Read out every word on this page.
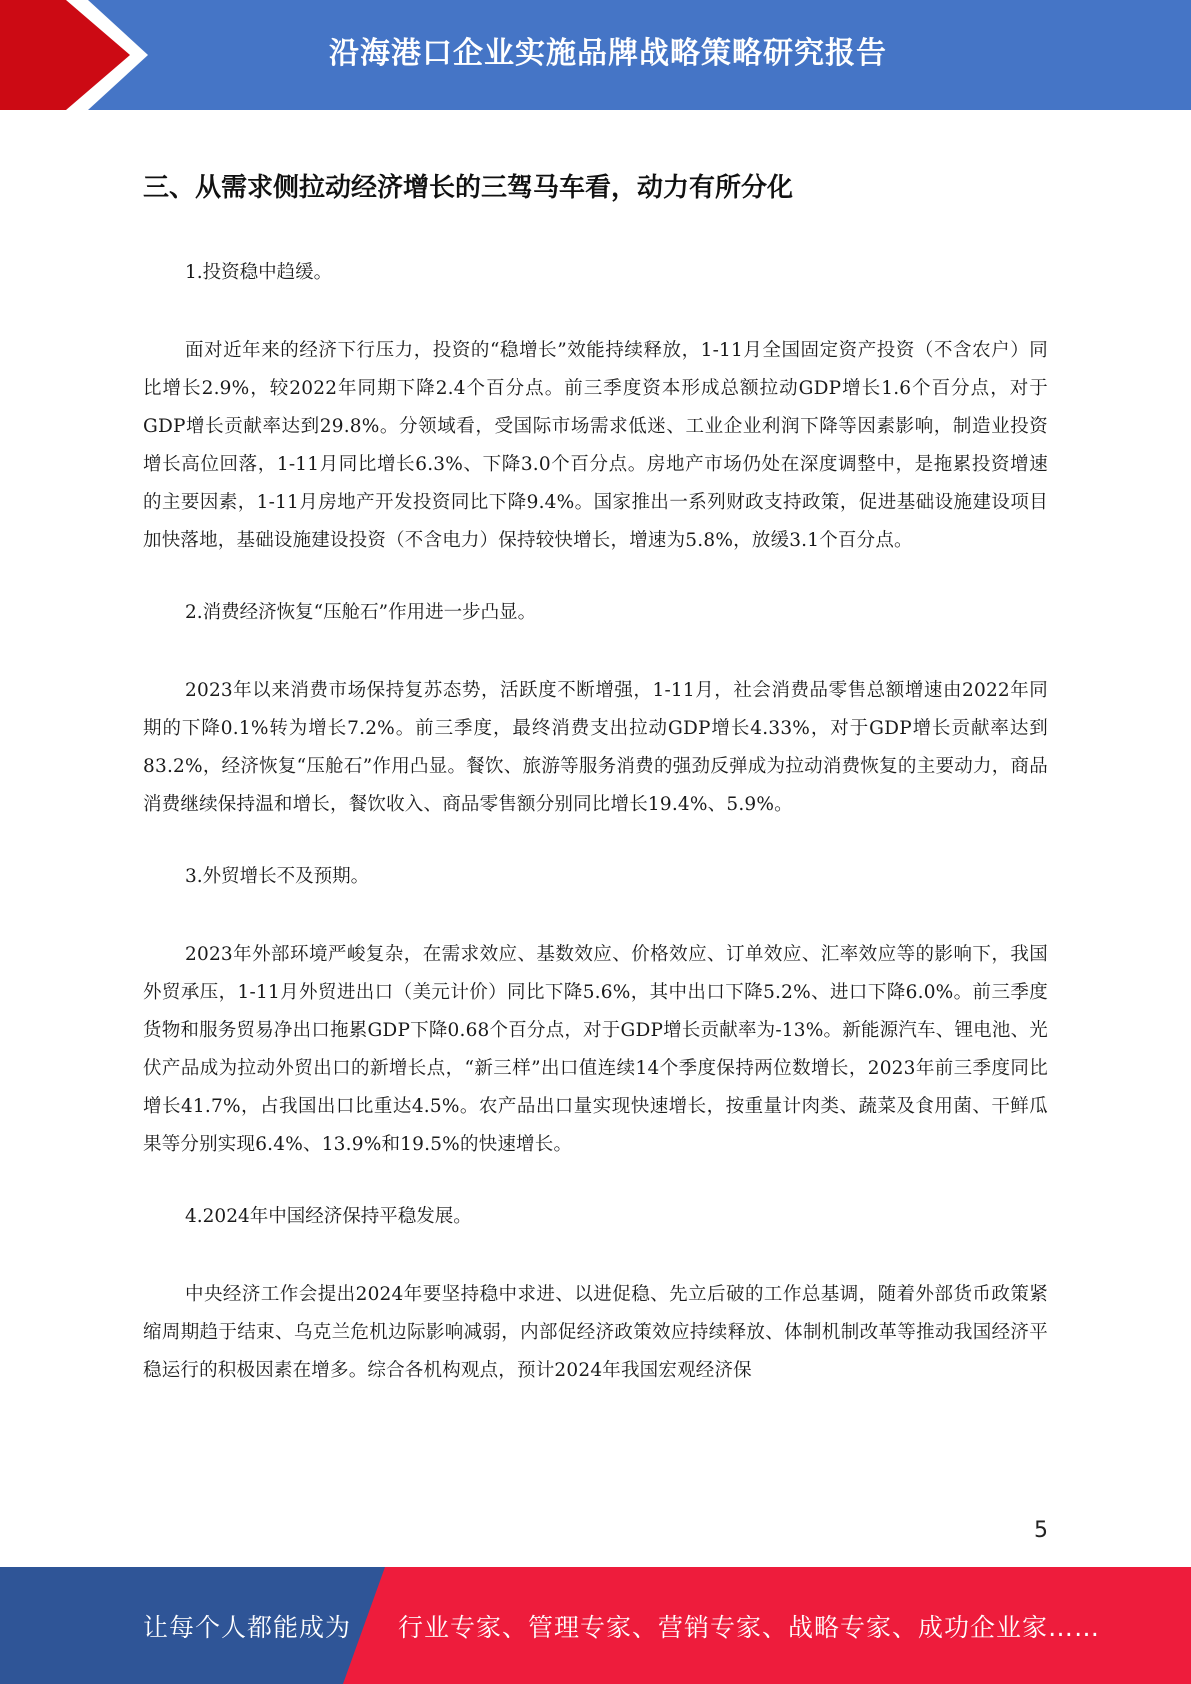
沿海港口企业实施品牌战略策略研究报告
三、从需求侧拉动经济增长的三驾马车看，动力有所分化
1.投资稳中趋缓。

面对近年来的经济下行压力，投资的“稳增长”效能持续释放，1-11月全国固定资产投资（不含农户）同比增长2.9%，较2022年同期下降2.4个百分点。前三季度资本形成总额拉动GDP增长1.6个百分点，对于GDP增长贡献率达到29.8%。分领域看，受国际市场需求低迷、工业企业利润下降等因素影响，制造业投资增长高位回落，1-11月同比增长6.3%、下降3.0个百分点。房地产市场仍处在深度调整中，是拖累投资增速的主要因素，1-11月房地产开发投资同比下降9.4%。国家推出一系列财政支持政策，促进基础设施建设项目加快落地，基础设施建设投资（不含电力）保持较快增长，增速为5.8%，放缓3.1个百分点。

2.消费经济恢复“压舱石”作用进一步凸显。

2023年以来消费市场保持复苏态势，活跃度不断增强，1-11月，社会消费品零售总额增速由2022年同期的下降0.1%转为增长7.2%。前三季度，最终消费支出拉动GDP增长4.33%，对于GDP增长贡献率达到83.2%，经济恢复“压舱石”作用凸显。餐饮、旅游等服务消费的强劲反弹成为拉动消费恢复的主要动力，商品消费继续保持温和增长，餐饮收入、商品零售额分别同比增长19.4%、5.9%。

3.外贸增长不及预期。

2023年外部环境严峻复杂，在需求效应、基数效应、价格效应、订单效应、汇率效应等的影响下，我国外贸承压，1-11月外贸进出口（美元计价）同比下降5.6%，其中出口下降5.2%、进口下降6.0%。前三季度货物和服务贸易净出口拖累GDP下降0.68个百分点，对于GDP增长贡献率为-13%。新能源汽车、锂电池、光伏产品成为拉动外贸出口的新增长点，“新三样”出口值连续14个季度保持两位数增长，2023年前三季度同比增长41.7%，占我国出口比重达4.5%。农产品出口量实现快速增长，按重量计肉类、蔬菜及食用菌、干鲜瓜果等分别实现6.4%、13.9%和19.5%的快速增长。

4.2024年中国经济保持平稳发展。

中央经济工作会提出2024年要坚持稳中求进、以进促稳、先立后破的工作总基调，随着外部货币政策紧缩周期趋于结束、乌克兰危机边际影响减弱，内部促经济政策效应持续释放、体制机制改革等推动我国经济平稳运行的积极因素在增多。综合各机构观点，预计2024年我国宏观经济保

5
让每个人都能成为 行业专家、管理专家、营销专家、战略专家、成功企业家……
